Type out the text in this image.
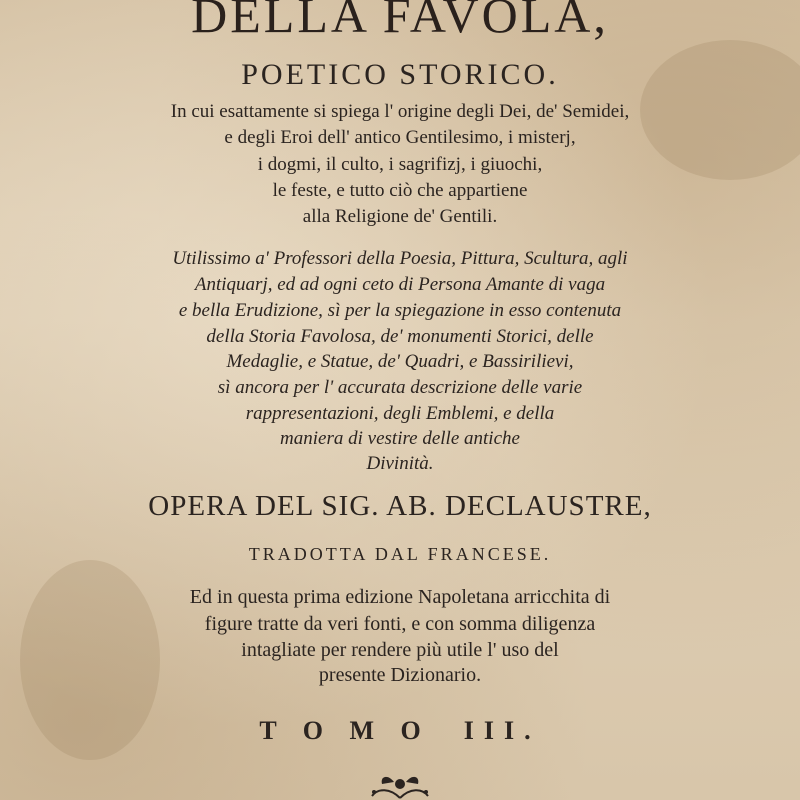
DELLA FAVOLA,
POETICO STORICO.
In cui esattamente si spiega l' origine degli Dei, de' Semidei,
e degli Eroi dell' antico Gentilesimo, i misterj,
i dogmi, il culto, i sagrifizj, i giuochi,
le feste, e tutto ciò che appartiene
alla Religione de' Gentili.
Utilissimo a' Professori della Poesia, Pittura, Scultura, agli
Antiquarj, ed ad ogni ceto di Persona Amante di vaga
e bella Erudizione, sì per la spiegazione in esso contenuta
della Storia Favolosa, de' monumenti Storici, delle
Medaglie, e Statue, de' Quadri, e Bassirilievi,
sì ancora per l' accurata descrizione delle varie
rappresentazioni, degli Emblemi, e della
maniera di vestire delle antiche
Divinità.
OPERA DEL SIG. AB. DECLAUSTRE,
TRADOTTA DAL FRANCESE.
Ed in questa prima edizione Napoletana arricchita di
figure tratte da veri fonti, e con somma diligenza
intagliate per rendere più utile l' uso del
presente Dizionario.
T O M O  III.
